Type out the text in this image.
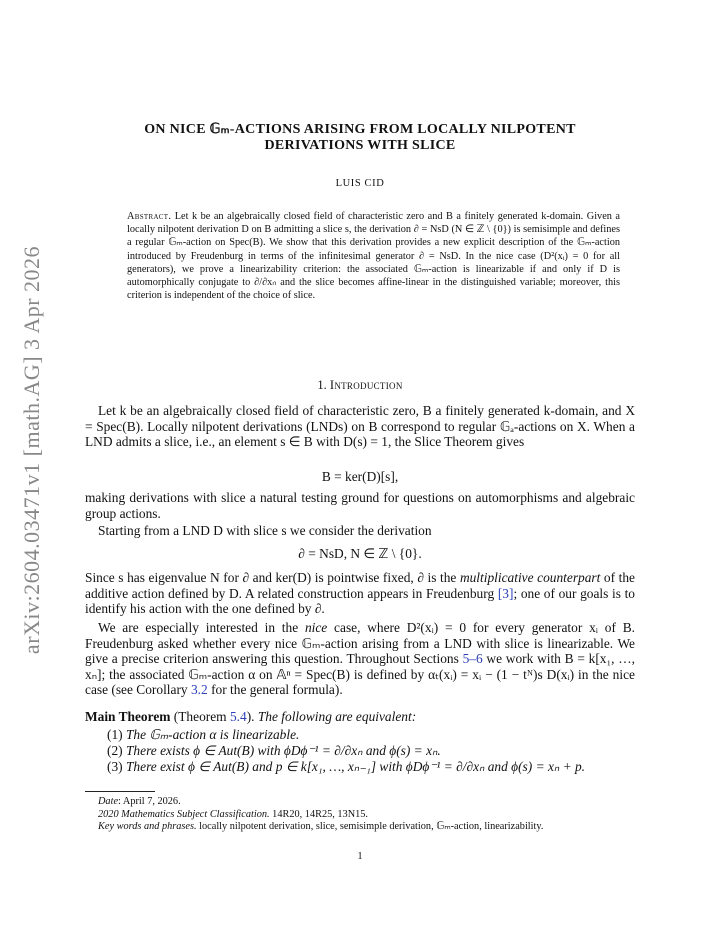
arXiv:2604.03471v1 [math.AG] 3 Apr 2026
ON NICE 𝔾ₘ-ACTIONS ARISING FROM LOCALLY NILPOTENT
DERIVATIONS WITH SLICE
LUIS CID
Abstract. Let k be an algebraically closed field of characteristic zero and B a finitely generated k-domain. Given a locally nilpotent derivation D on B admitting a slice s, the derivation ∂ = NsD (N ∈ ℤ \ {0}) is semisimple and defines a regular 𝔾ₘ-action on Spec(B). We show that this derivation provides a new explicit description of the 𝔾ₘ-action introduced by Freudenburg in terms of the infinitesimal generator ∂ = NsD. In the nice case (D²(xᵢ) = 0 for all generators), we prove a linearizability criterion: the associated 𝔾ₘ-action is linearizable if and only if D is automorphically conjugate to ∂/∂xₙ and the slice becomes affine-linear in the distinguished variable; moreover, this criterion is independent of the choice of slice.
1. Introduction
Let k be an algebraically closed field of characteristic zero, B a finitely generated k-domain, and X = Spec(B). Locally nilpotent derivations (LNDs) on B correspond to regular 𝔾ₐ-actions on X. When a LND admits a slice, i.e., an element s ∈ B with D(s) = 1, the Slice Theorem gives
B = ker(D)[s],
making derivations with slice a natural testing ground for questions on automorphisms and algebraic group actions.
Starting from a LND D with slice s we consider the derivation
∂ = NsD, N ∈ ℤ \ {0}.
Since s has eigenvalue N for ∂ and ker(D) is pointwise fixed, ∂ is the multiplicative counterpart of the additive action defined by D. A related construction appears in Freudenburg [3]; one of our goals is to identify his action with the one defined by ∂.
We are especially interested in the nice case, where D²(xᵢ) = 0 for every generator xᵢ of B. Freudenburg asked whether every nice 𝔾ₘ-action arising from a LND with slice is linearizable. We give a precise criterion answering this question. Throughout Sections 5–6 we work with B = k[x₁, …, xₙ]; the associated 𝔾ₘ-action α on 𝔸ⁿ = Spec(B) is defined by αₜ(xᵢ) = xᵢ − (1 − tᴺ)s D(xᵢ) in the nice case (see Corollary 3.2 for the general formula).
Main Theorem (Theorem 5.4). The following are equivalent:
(1) The 𝔾ₘ-action α is linearizable.
(2) There exists ϕ ∈ Aut(B) with ϕDϕ⁻¹ = ∂/∂xₙ and ϕ(s) = xₙ.
(3) There exist ϕ ∈ Aut(B) and p ∈ k[x₁, …, xₙ₋₁] with ϕDϕ⁻¹ = ∂/∂xₙ and ϕ(s) = xₙ + p.
Date: April 7, 2026.
2020 Mathematics Subject Classification. 14R20, 14R25, 13N15.
Key words and phrases. locally nilpotent derivation, slice, semisimple derivation, 𝔾ₘ-action, linearizability.
1
